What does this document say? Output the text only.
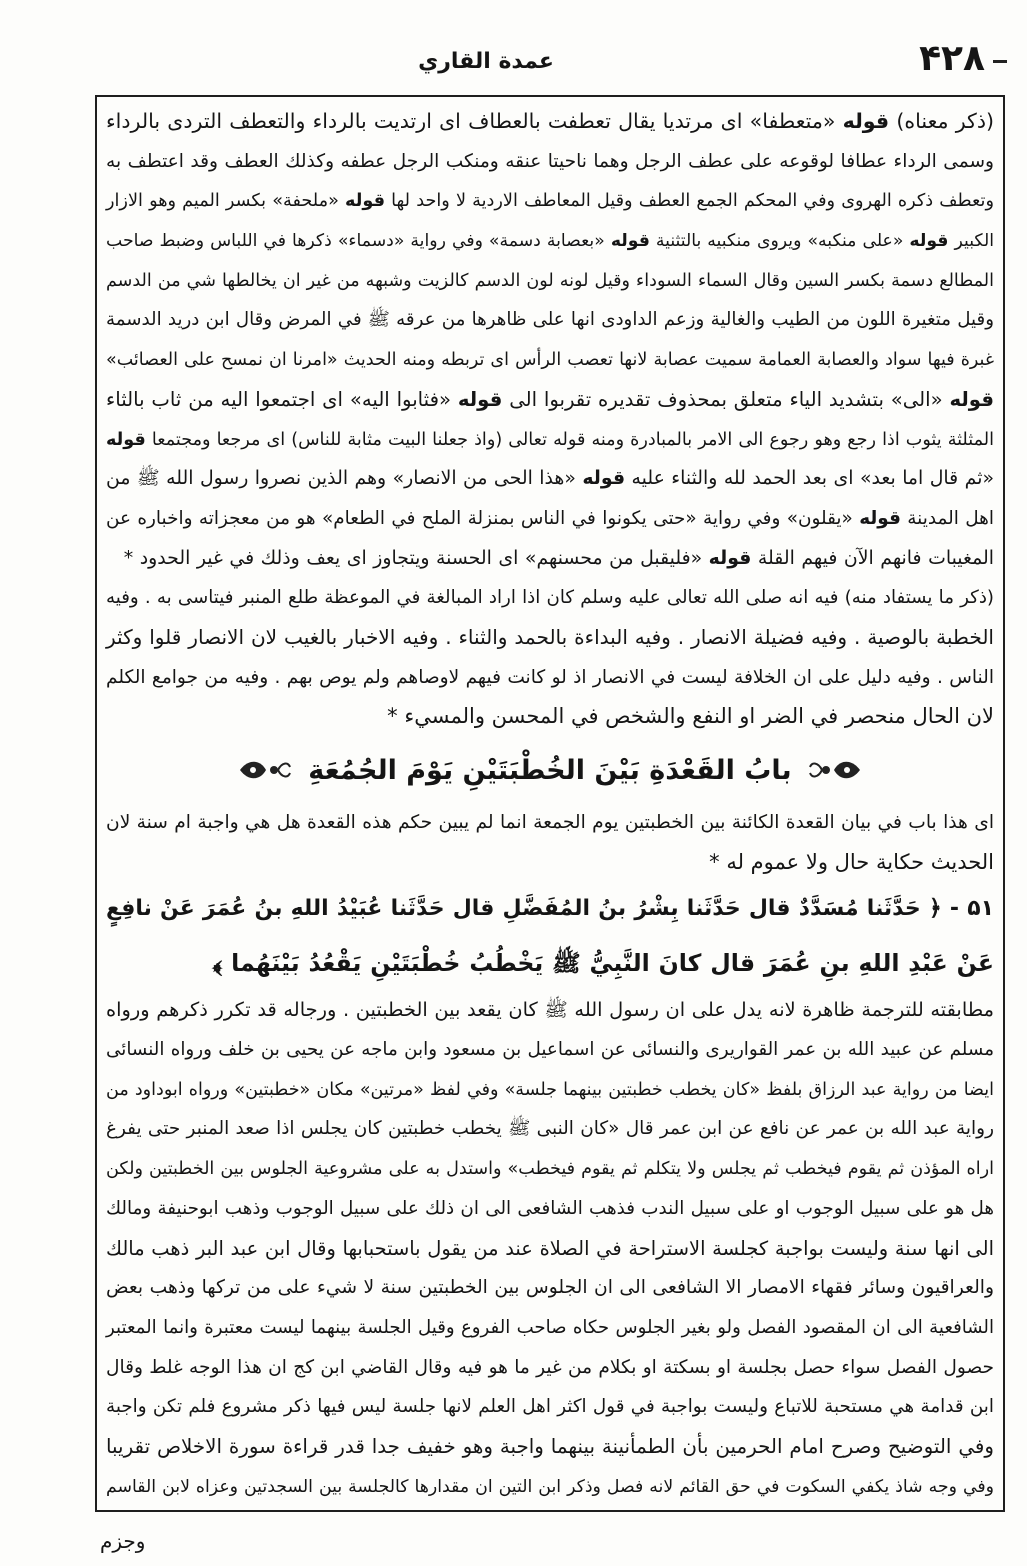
۴۲۸
عمدة القاري
(ذكر معناه) قوله «متعطفا» اى مرتديا يقال تعطفت بالعطاف اى ارتديت بالرداء والتعطف التردى بالرداء
وسمى الرداء عطافا لوقوعه على عطف الرجل وهما ناحيتا عنقه ومنكب الرجل عطفه وكذلك العطف وقد اعتطف به
وتعطف ذكره الهروى وفي المحكم الجمع العطف وقيل المعاطف الاردية لا واحد لها قوله «ملحفة» بكسر الميم وهو الازار
الكبير قوله «على منكبه» ويروى منكبيه بالتثنية قوله «بعصابة دسمة» وفي رواية «دسماء» ذكرها في اللباس وضبط صاحب
المطالع دسمة بكسر السين وقال السماء السوداء وقيل لونه لون الدسم كالزيت وشبهه من غير ان يخالطها شي من الدسم
وقيل متغيرة اللون من الطيب والغالية وزعم الداودى انها على ظاهرها من عرقه ﷺ في المرض وقال ابن دريد الدسمة
غبرة فيها سواد والعصابة العمامة سميت عصابة لانها تعصب الرأس اى تربطه ومنه الحديث «امرنا ان نمسح على العصائب»
قوله «الى» بتشديد الياء متعلق بمحذوف تقديره تقربوا الى قوله «فثابوا اليه» اى اجتمعوا اليه من ثاب بالثاء
المثلثة يثوب اذا رجع وهو رجوع الى الامر بالمبادرة ومنه قوله تعالى (واذ جعلنا البيت مثابة للناس) اى مرجعا ومجتمعا قوله
«ثم قال اما بعد» اى بعد الحمد لله والثناء عليه قوله «هذا الحى من الانصار» وهم الذين نصروا رسول الله ﷺ من
اهل المدينة قوله «يقلون» وفي رواية «حتى يكونوا في الناس بمنزلة الملح في الطعام» هو من معجزاته واخباره عن
المغيبات فانهم الآن فيهم القلة قوله «فليقبل من محسنهم» اى الحسنة ويتجاوز اى يعف وذلك في غير الحدود *
(ذكر ما يستفاد منه) فيه انه صلى الله تعالى عليه وسلم كان اذا اراد المبالغة في الموعظة طلع المنبر فيتاسى به . وفيه
الخطبة بالوصية . وفيه فضيلة الانصار . وفيه البداءة بالحمد والثناء . وفيه الاخبار بالغيب لان الانصار قلوا وكثر
الناس . وفيه دليل على ان الخلافة ليست في الانصار اذ لو كانت فيهم لاوصاهم ولم يوص بهم . وفيه من جوامع الكلم
لان الحال منحصر في الضر او النفع والشخص في المحسن والمسيء *
بابُ القَعْدَةِ بَيْنَ الخُطْبَتَيْنِ يَوْمَ الجُمُعَةِ
اى هذا باب في بيان القعدة الكائنة بين الخطبتين يوم الجمعة انما لم يبين حكم هذه القعدة هل هي واجبة ام سنة لان
الحديث حكاية حال ولا عموم له *
۵۱ - ﴿ حَدَّثَنا مُسَدَّدٌ قال حَدَّثَنا بِشْرُ بنُ المُفَضَّلِ قال حَدَّثَنا عُبَيْدُ اللهِ بنُ عُمَرَ عَنْ نافِعٍ
عَنْ عَبْدِ اللهِ بنِ عُمَرَ قال كانَ النَّبِيُّ ﷺ يَخْطُبُ خُطْبَتَيْنِ يَقْعُدُ بَيْنَهُما ﴾
مطابقته للترجمة ظاهرة لانه يدل على ان رسول الله ﷺ كان يقعد بين الخطبتين . ورجاله قد تكرر ذكرهم ورواه
مسلم عن عبيد الله بن عمر القواريرى والنسائى عن اسماعيل بن مسعود وابن ماجه عن يحيى بن خلف ورواه النسائى
ايضا من رواية عبد الرزاق بلفظ «كان يخطب خطبتين بينهما جلسة» وفي لفظ «مرتين» مكان «خطبتين» ورواه ابوداود من
رواية عبد الله بن عمر عن نافع عن ابن عمر قال «كان النبى ﷺ يخطب خطبتين كان يجلس اذا صعد المنبر حتى يفرغ
اراه المؤذن ثم يقوم فيخطب ثم يجلس ولا يتكلم ثم يقوم فيخطب» واستدل به على مشروعية الجلوس بين الخطبتين ولكن
هل هو على سبيل الوجوب او على سبيل الندب فذهب الشافعى الى ان ذلك على سبيل الوجوب وذهب ابوحنيفة ومالك
الى انها سنة وليست بواجبة كجلسة الاستراحة في الصلاة عند من يقول باستحبابها وقال ابن عبد البر ذهب مالك
والعراقيون وسائر فقهاء الامصار الا الشافعى الى ان الجلوس بين الخطبتين سنة لا شيء على من تركها وذهب بعض
الشافعية الى ان المقصود الفصل ولو بغير الجلوس حكاه صاحب الفروع وقيل الجلسة بينهما ليست معتبرة وانما المعتبر
حصول الفصل سواء حصل بجلسة او بسكتة او بكلام من غير ما هو فيه وقال القاضي ابن كج ان هذا الوجه غلط وقال
ابن قدامة هي مستحبة للاتباع وليست بواجبة في قول اكثر اهل العلم لانها جلسة ليس فيها ذكر مشروع فلم تكن واجبة
وفي التوضيح وصرح امام الحرمين بأن الطمأنينة بينهما واجبة وهو خفيف جدا قدر قراءة سورة الاخلاص تقريبا
وفي وجه شاذ يكفي السكوت في حق القائم لانه فصل وذكر ابن التين ان مقدارها كالجلسة بين السجدتين وعزاه لابن القاسم
وجزم
